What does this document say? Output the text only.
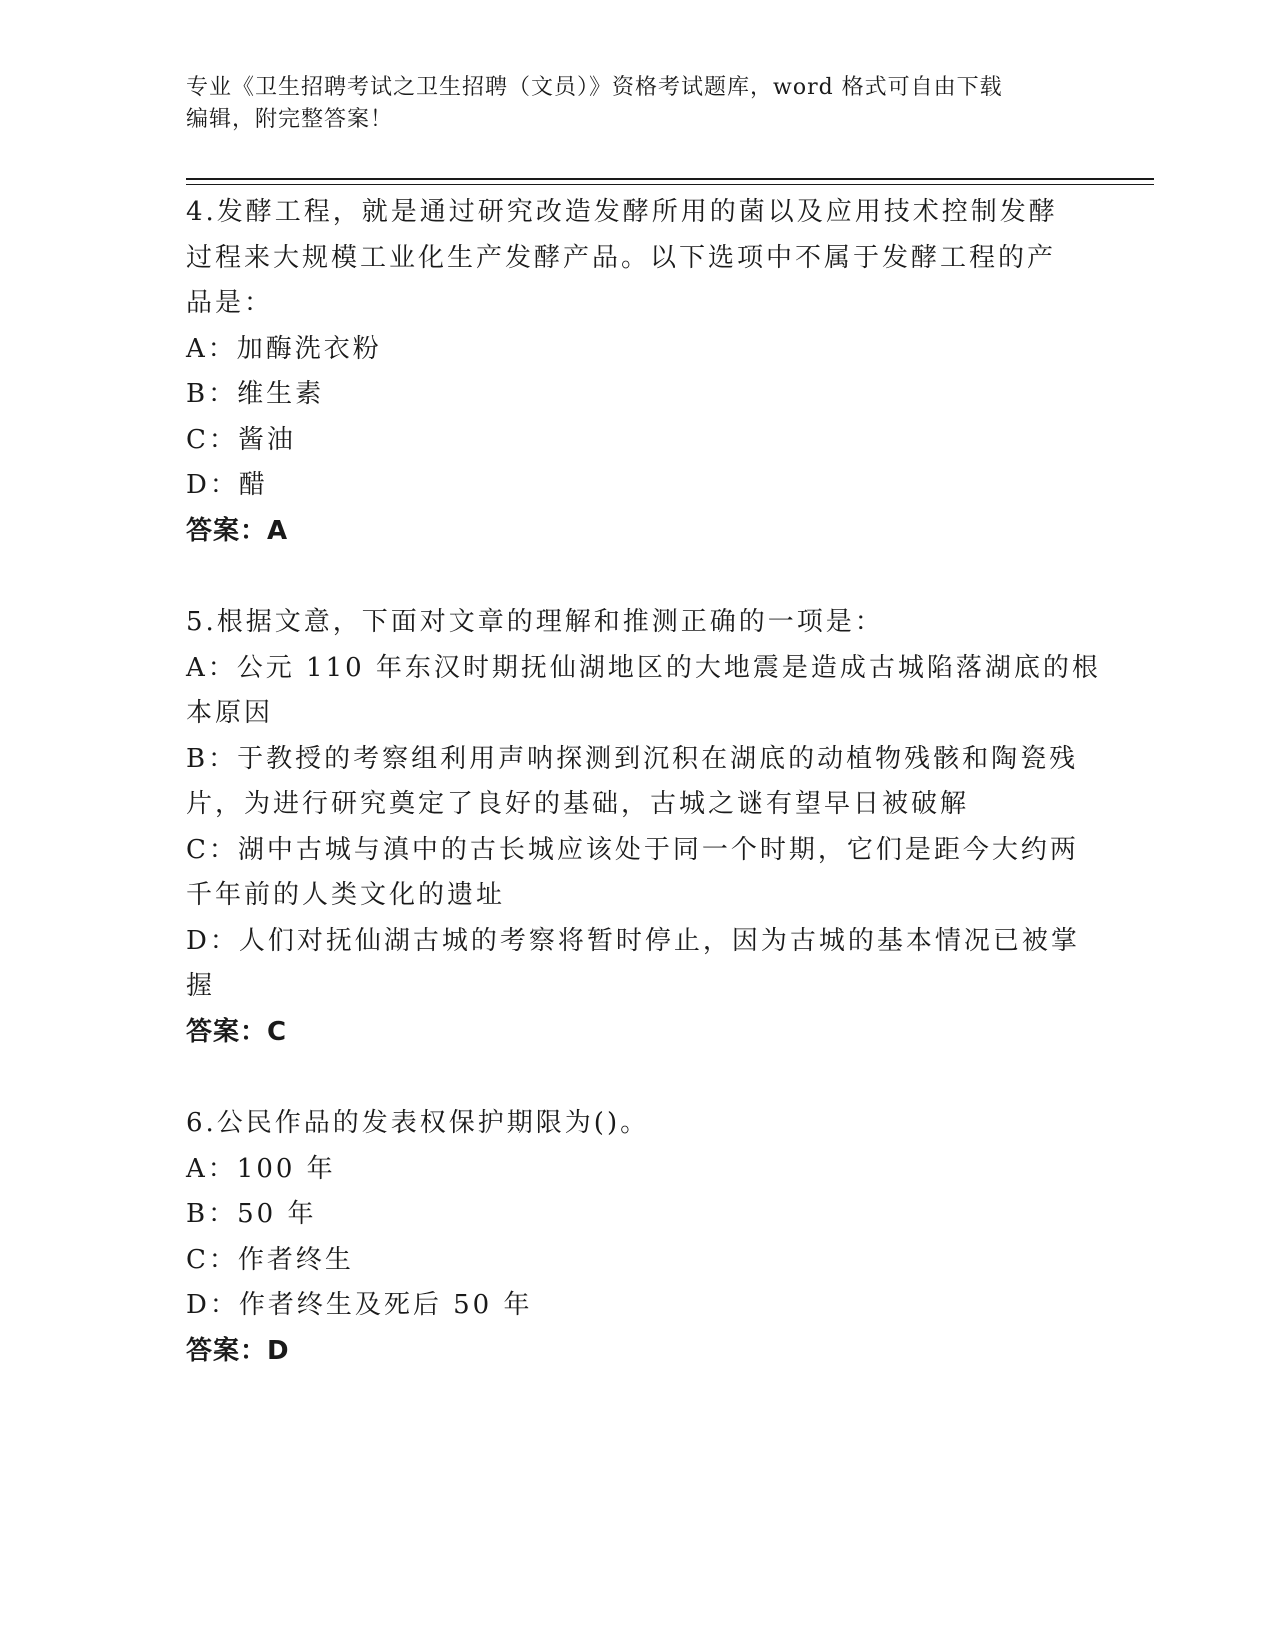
专业《卫生招聘考试之卫生招聘（文员）》资格考试题库，word 格式可自由下载
编辑，附完整答案！
4.发酵工程，就是通过研究改造发酵所用的菌以及应用技术控制发酵
过程来大规模工业化生产发酵产品。以下选项中不属于发酵工程的产
品是：
A：加酶洗衣粉
B：维生素
C：酱油
D：醋
答案：A
5.根据文意，下面对文章的理解和推测正确的一项是：
A：公元 110 年东汉时期抚仙湖地区的大地震是造成古城陷落湖底的根
本原因
B：于教授的考察组利用声呐探测到沉积在湖底的动植物残骸和陶瓷残
片，为进行研究奠定了良好的基础，古城之谜有望早日被破解
C：湖中古城与滇中的古长城应该处于同一个时期，它们是距今大约两
千年前的人类文化的遗址
D：人们对抚仙湖古城的考察将暂时停止，因为古城的基本情况已被掌
握
答案：C
6.公民作品的发表权保护期限为()。
A：100 年
B：50 年
C：作者终生
D：作者终生及死后 50 年
答案：D
